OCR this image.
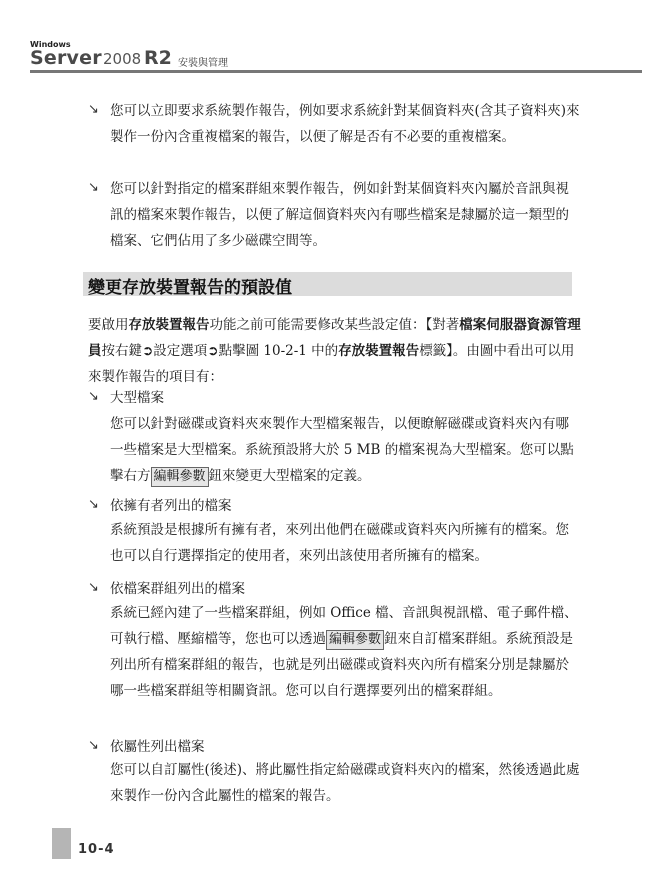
Windows
Server 2008 R2 安裝與管理
↘ 您可以立即要求系統製作報告，例如要求系統針對某個資料夾(含其子資料夾)來製作一份內含重複檔案的報告，以便了解是否有不必要的重複檔案。
↘ 您可以針對指定的檔案群組來製作報告，例如針對某個資料夾內屬於音訊與視訊的檔案來製作報告，以便了解這個資料夾內有哪些檔案是隸屬於這一類型的檔案、它們佔用了多少磁碟空間等。
變更存放裝置報告的預設值
要啟用存放裝置報告功能之前可能需要修改某些設定值：【對著檔案伺服器資源管理員按右鍵➲設定選項➲點擊圖 10-2-1 中的存放裝置報告標籤】。由圖中看出可以用來製作報告的項目有：
↘ 大型檔案
您可以針對磁碟或資料夾來製作大型檔案報告，以便瞭解磁碟或資料夾內有哪一些檔案是大型檔案。系統預設將大於 5 MB 的檔案視為大型檔案。您可以點擊右方 編輯參數 鈕來變更大型檔案的定義。
↘ 依擁有者列出的檔案
系統預設是根據所有擁有者，來列出他們在磁碟或資料夾內所擁有的檔案。您也可以自行選擇指定的使用者，來列出該使用者所擁有的檔案。
↘ 依檔案群組列出的檔案
系統已經內建了一些檔案群組，例如 Office 檔、音訊與視訊檔、電子郵件檔、可執行檔、壓縮檔等，您也可以透過 編輯參數 鈕來自訂檔案群組。系統預設是列出所有檔案群組的報告，也就是列出磁碟或資料夾內所有檔案分別是隸屬於哪一些檔案群組等相關資訊。您可以自行選擇要列出的檔案群組。
↘ 依屬性列出檔案
您可以自訂屬性(後述)、將此屬性指定給磁碟或資料夾內的檔案，然後透過此處來製作一份內含此屬性的檔案的報告。
10-4
